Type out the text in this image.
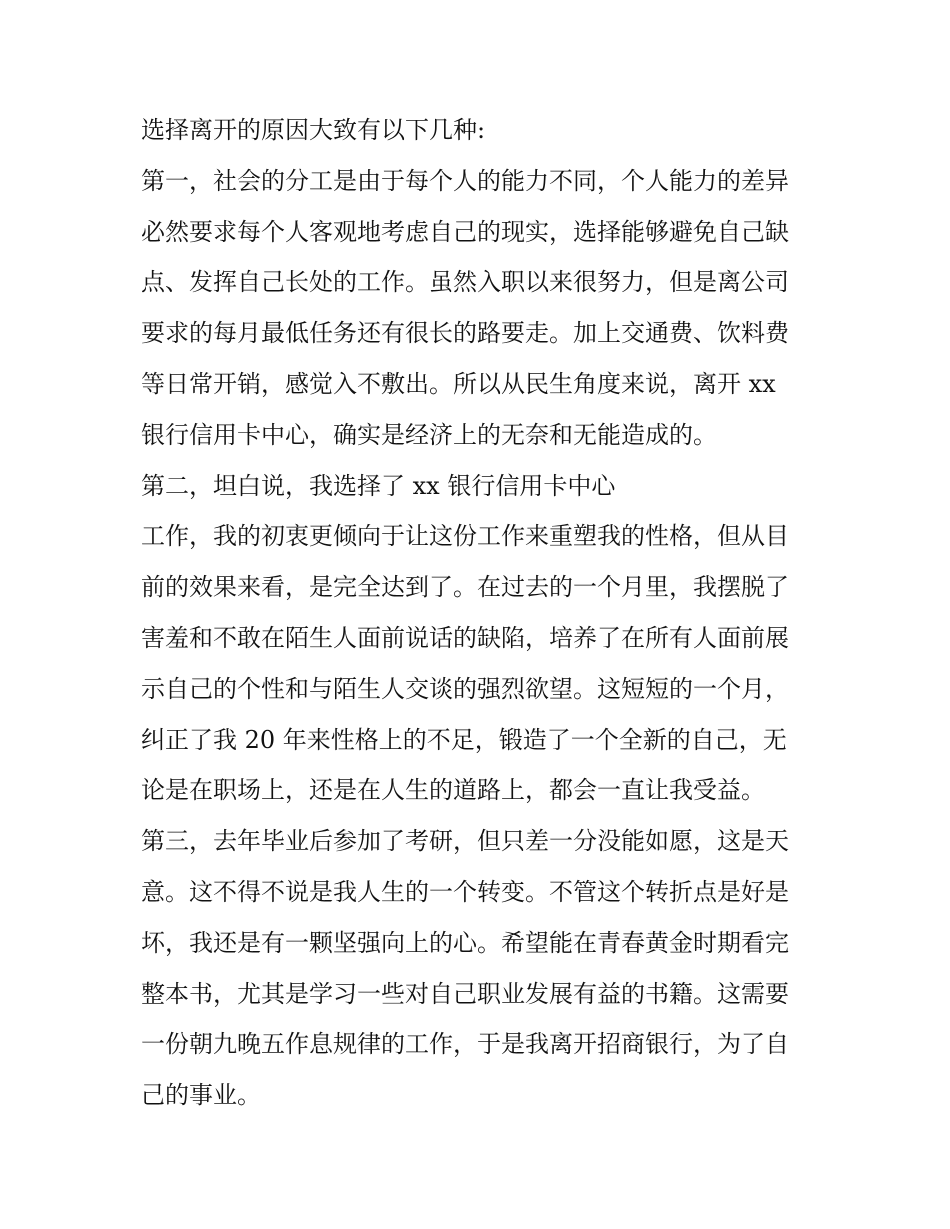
选择离开的原因大致有以下几种:
第一，社会的分工是由于每个人的能力不同，个人能力的差异
必然要求每个人客观地考虑自己的现实，选择能够避免自己缺
点、发挥自己长处的工作。虽然入职以来很努力，但是离公司
要求的每月最低任务还有很长的路要走。加上交通费、饮料费
等日常开销，感觉入不敷出。所以从民生角度来说，离开 xx
银行信用卡中心，确实是经济上的无奈和无能造成的。
第二，坦白说，我选择了 xx 银行信用卡中心
工作，我的初衷更倾向于让这份工作来重塑我的性格，但从目
前的效果来看，是完全达到了。在过去的一个月里，我摆脱了
害羞和不敢在陌生人面前说话的缺陷，培养了在所有人面前展
示自己的个性和与陌生人交谈的强烈欲望。这短短的一个月，
纠正了我 20 年来性格上的不足，锻造了一个全新的自己，无
论是在职场上，还是在人生的道路上，都会一直让我受益。
第三，去年毕业后参加了考研，但只差一分没能如愿，这是天
意。这不得不说是我人生的一个转变。不管这个转折点是好是
坏，我还是有一颗坚强向上的心。希望能在青春黄金时期看完
整本书，尤其是学习一些对自己职业发展有益的书籍。这需要
一份朝九晚五作息规律的工作，于是我离开招商银行，为了自
己的事业。
